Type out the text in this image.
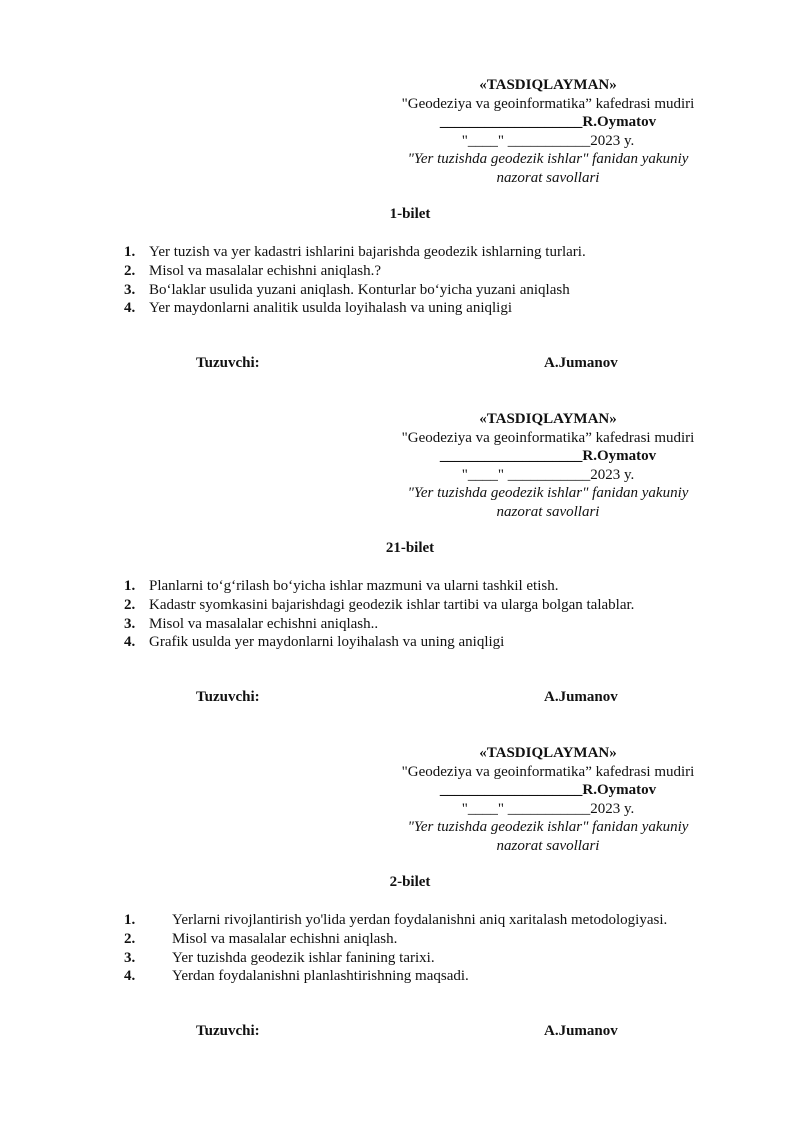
«TASDIQLAYMAN»
"Geodeziya va geoinformatika” kafedrasi mudiri
___________________R.Oymatov
"____" ___________2023 y.
"Yer tuzishda geodezik ishlar" fanidan yakuniy
nazorat savollari
1-bilet
1. Yer tuzish va yer kadastri ishlarini bajarishda geodezik ishlarning turlari.
2. Misol va masalalar echishni aniqlash.?
3. Boʻlaklar usulida yuzani aniqlash. Konturlar boʻyicha yuzani aniqlash
4. Yer maydonlarni analitik usulda loyihalash va uning aniqligi
Tuzuvchi:	A.Jumanov
«TASDIQLAYMAN»
"Geodeziya va geoinformatika” kafedrasi mudiri
___________________R.Oymatov
"____" ___________2023 y.
"Yer tuzishda geodezik ishlar" fanidan yakuniy
nazorat savollari
21-bilet
1. Planlarni toʻgʻrilash boʻyicha ishlar mazmuni va ularni tashkil etish.
2. Kadastr syomkasini bajarishdagi geodezik ishlar tartibi va ularga bolgan talablar.
3. Misol va masalalar echishni aniqlash..
4. Grafik usulda yer maydonlarni loyihalash va uning aniqligi
Tuzuvchi:	A.Jumanov
«TASDIQLAYMAN»
"Geodeziya va geoinformatika” kafedrasi mudiri
___________________R.Oymatov
"____" ___________2023 y.
"Yer tuzishda geodezik ishlar" fanidan yakuniy
nazorat savollari
2-bilet
1. Yerlarni rivojlantirish yo'lida yerdan foydalanishni aniq xaritalash metodologiyasi.
2. Misol va masalalar echishni aniqlash.
3. Yer tuzishda geodezik ishlar fanining tarixi.
4. Yerdan foydalanishni planlashtirishning maqsadi.
Tuzuvchi:	A.Jumanov
